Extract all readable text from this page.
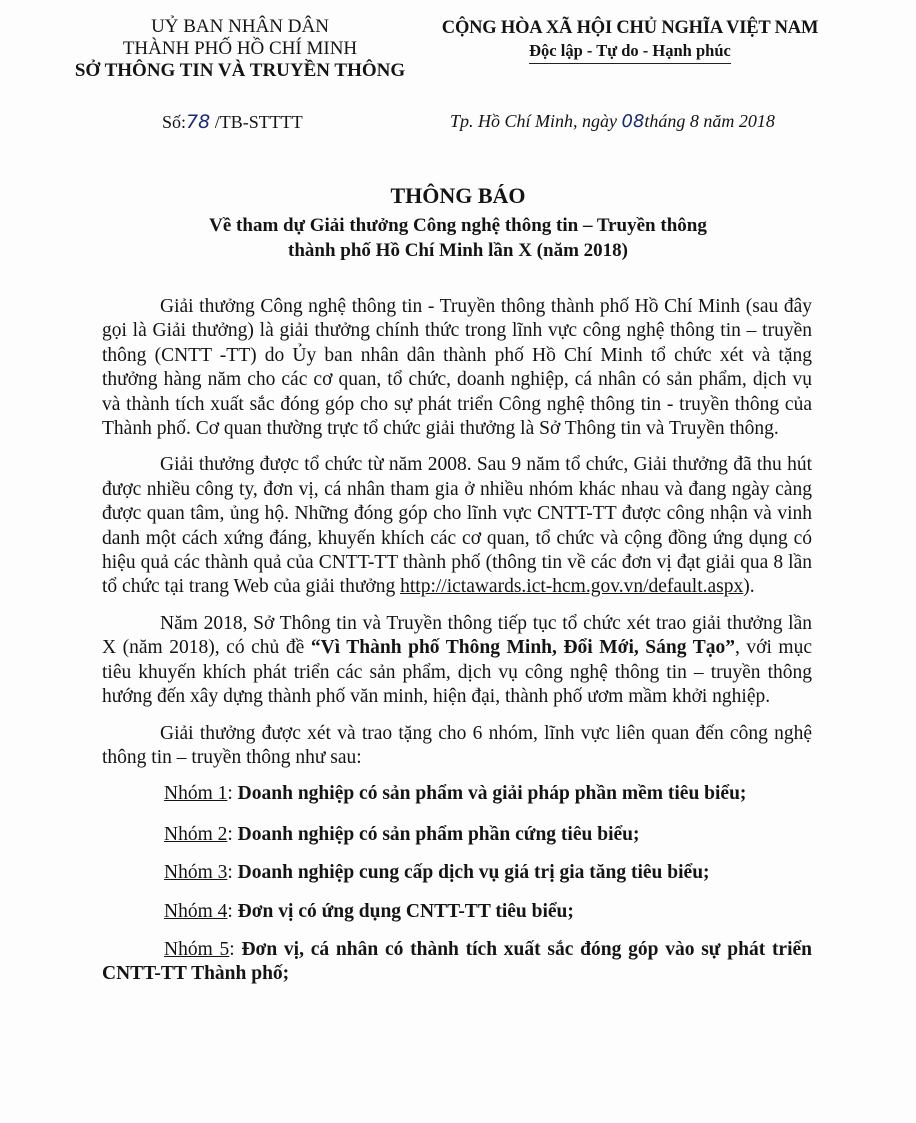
UỶ BAN NHÂN DÂN
THÀNH PHỐ HỒ CHÍ MINH
SỞ THÔNG TIN VÀ TRUYỀN THÔNG
CỘNG HÒA XÃ HỘI CHỦ NGHĨA VIỆT NAM
Độc lập - Tự do - Hạnh phúc
Số:78 /TB-STTTT	Tp. Hồ Chí Minh, ngày 08tháng 8 năm 2018
THÔNG BÁO
Về tham dự Giải thưởng Công nghệ thông tin – Truyền thông
thành phố Hồ Chí Minh lần X (năm 2018)

Giải thưởng Công nghệ thông tin - Truyền thông thành phố Hồ Chí Minh (sau đây gọi là Giải thưởng) là giải thưởng chính thức trong lĩnh vực công nghệ thông tin – truyền thông (CNTT -TT) do Ủy ban nhân dân thành phố Hồ Chí Minh tổ chức xét và tặng thưởng hàng năm cho các cơ quan, tổ chức, doanh nghiệp, cá nhân có sản phẩm, dịch vụ và thành tích xuất sắc đóng góp cho sự phát triển Công nghệ thông tin - truyền thông của Thành phố. Cơ quan thường trực tổ chức giải thưởng là Sở Thông tin và Truyền thông.

Giải thưởng được tổ chức từ năm 2008. Sau 9 năm tổ chức, Giải thưởng đã thu hút được nhiều công ty, đơn vị, cá nhân tham gia ở nhiều nhóm khác nhau và đang ngày càng được quan tâm, ủng hộ. Những đóng góp cho lĩnh vực CNTT-TT được công nhận và vinh danh một cách xứng đáng, khuyến khích các cơ quan, tổ chức và cộng đồng ứng dụng có hiệu quả các thành quả của CNTT-TT thành phố (thông tin về các đơn vị đạt giải qua 8 lần tổ chức tại trang Web của giải thưởng http://ictawards.ict-hcm.gov.vn/default.aspx).

Năm 2018, Sở Thông tin và Truyền thông tiếp tục tổ chức xét trao giải thưởng lần X (năm 2018), có chủ đề “Vì Thành phố Thông Minh, Đổi Mới, Sáng Tạo”, với mục tiêu khuyến khích phát triển các sản phẩm, dịch vụ công nghệ thông tin – truyền thông hướng đến xây dựng thành phố văn minh, hiện đại, thành phố ươm mầm khởi nghiệp.

Giải thưởng được xét và trao tặng cho 6 nhóm, lĩnh vực liên quan đến công nghệ thông tin – truyền thông như sau:

Nhóm 1: Doanh nghiệp có sản phẩm và giải pháp phần mềm tiêu biểu;
Nhóm 2: Doanh nghiệp có sản phẩm phần cứng tiêu biểu;
Nhóm 3: Doanh nghiệp cung cấp dịch vụ giá trị gia tăng tiêu biểu;
Nhóm 4: Đơn vị có ứng dụng CNTT-TT tiêu biểu;
Nhóm 5: Đơn vị, cá nhân có thành tích xuất sắc đóng góp vào sự phát triển CNTT-TT Thành phố;
